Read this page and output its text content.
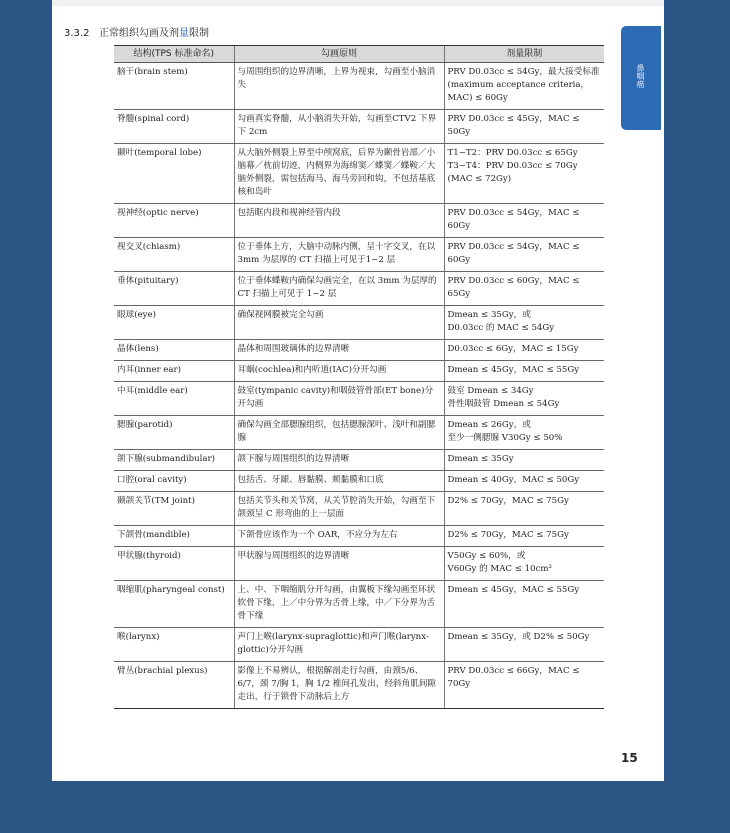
3.3.2 正常组织勾画及剂量限制
鼻咽癌
结构(TPS 标准命名)	勾画原则	剂量限制
脑干(brain stem)	与周围组织的边界清晰，上界为视束，勾画至小脑消失	PRV D0.03cc ≤ 54Gy，最大接受标准(maximum acceptance criteria，MAC) ≤ 60Gy
脊髓(spinal cord)	勾画真实脊髓，从小脑消失开始，勾画至CTV2 下界下 2cm	PRV D0.03cc ≤ 45Gy，MAC ≤ 50Gy
颞叶(temporal lobe)	从大脑外侧裂上界至中颅窝底，后界为颞骨岩部／小脑幕／枕前切迹，内侧界为海绵窦／蝶窦／蝶鞍／大脑外侧裂，需包括海马、海马旁回和钩，不包括基底核和岛叶	T1~T2：PRV D0.03cc ≤ 65Gy
T3~T4：PRV D0.03cc ≤ 70Gy
(MAC ≤ 72Gy)
视神经(optic nerve)	包括眶内段和视神经管内段	PRV D0.03cc ≤ 54Gy，MAC ≤ 60Gy
视交叉(chiasm)	位于垂体上方，大脑中动脉内侧，呈十字交叉，在以 3mm 为层厚的 CT 扫描上可见于1~2 层	PRV D0.03cc ≤ 54Gy，MAC ≤ 60Gy
垂体(pituitary)	位于垂体蝶鞍内确保勾画完全，在以 3mm 为层厚的 CT 扫描上可见于 1~2 层	PRV D0.03cc ≤ 60Gy，MAC ≤ 65Gy
眼球(eye)	确保视网膜被完全勾画	Dmean ≤ 35Gy，或
D0.03cc 的 MAC ≤ 54Gy
晶体(lens)	晶体和周围玻璃体的边界清晰	D0.03cc ≤ 6Gy，MAC ≤ 15Gy
内耳(inner ear)	耳蜗(cochlea)和内听道(IAC)分开勾画	Dmean ≤ 45Gy，MAC ≤ 55Gy
中耳(middle ear)	鼓室(tympanic cavity)和咽鼓管骨部(ET bone)分开勾画	鼓室 Dmean ≤ 34Gy
骨性咽鼓管 Dmean ≤ 54Gy
腮腺(parotid)	确保勾画全部腮腺组织，包括腮腺深叶、浅叶和副腮腺	Dmean ≤ 26Gy，或
至少一侧腮腺 V30Gy ≤ 50%
颌下腺(submandibular)	颌下腺与周围组织的边界清晰	Dmean ≤ 35Gy
口腔(oral cavity)	包括舌、牙龈、唇黏膜、颊黏膜和口底	Dmean ≤ 40Gy，MAC ≤ 50Gy
颞颌关节(TM joint)	包括关节头和关节窝，从关节腔消失开始，勾画至下颌颈呈 C 形弯曲的上一层面	D2% ≤ 70Gy，MAC ≤ 75Gy
下颌骨(mandible)	下颌骨应该作为一个 OAR，不应分为左右	D2% ≤ 70Gy，MAC ≤ 75Gy
甲状腺(thyroid)	甲状腺与周围组织的边界清晰	V50Gy ≤ 60%，或
V60Gy 的 MAC ≤ 10cm²
咽缩肌(pharyngeal const)	上、中、下咽缩肌分开勾画，由翼板下缘勾画至环状软骨下缘，上／中分界为舌骨上缘，中／下分界为舌骨下缘	Dmean ≤ 45Gy，MAC ≤ 55Gy
喉(larynx)	声门上喉(larynx-supraglottic)和声门喉(larynx-glottic)分开勾画	Dmean ≤ 35Gy，或 D2% ≤ 50Gy
臂丛(brachial plexus)	影像上不易辨认，根据解剖走行勾画，由颈5/6、6/7，颈 7/胸 1，胸 1/2 椎间孔发出，经斜角肌间隙走出，行于锁骨下动脉后上方	PRV D0.03cc ≤ 66Gy，MAC ≤ 70Gy
15
